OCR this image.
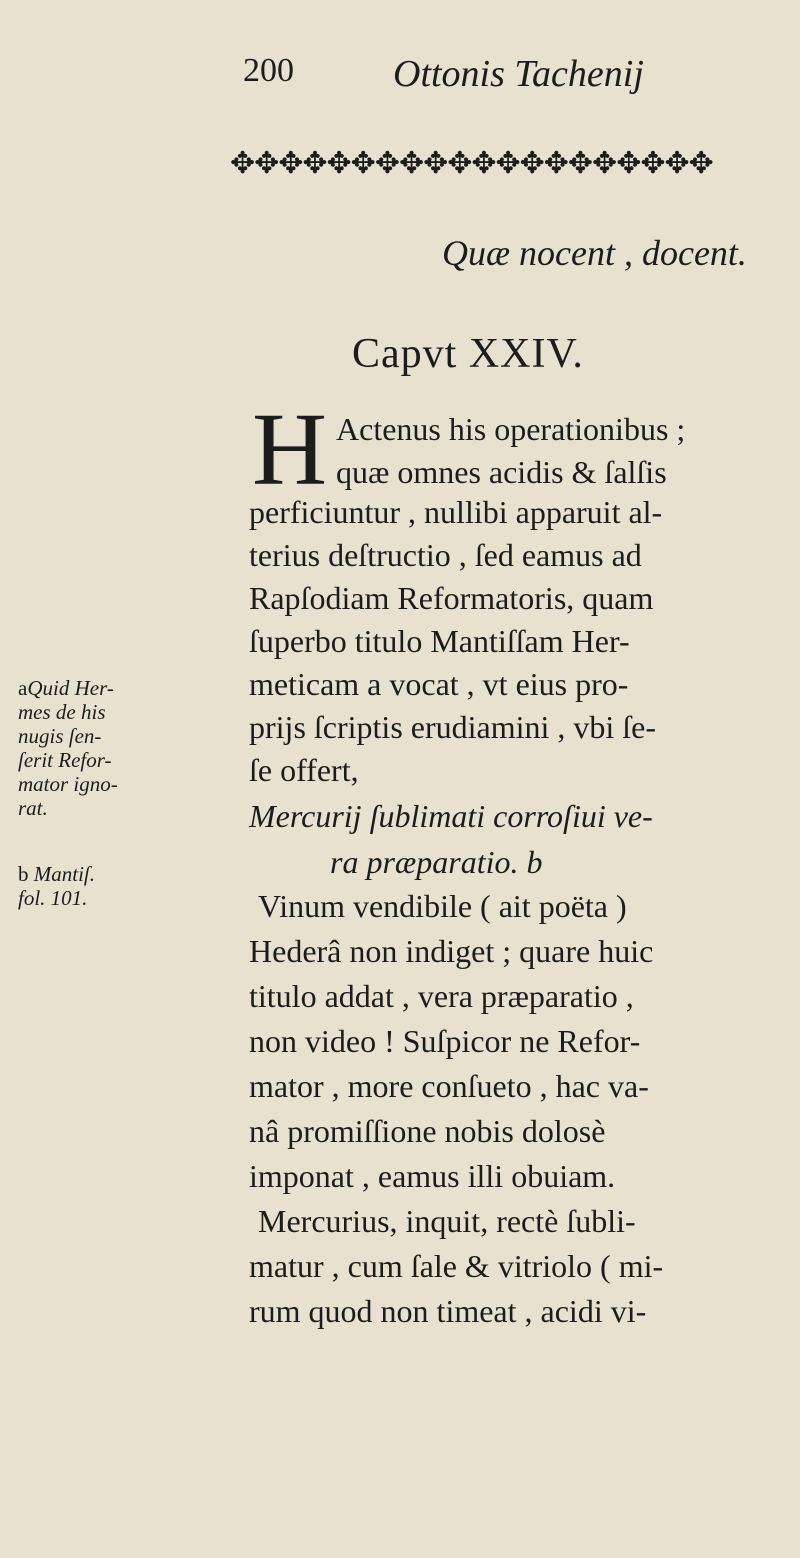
200	Ottonis Tachenij
✥✥✥✥✥✥✥✥✥✥✥✥✥✥✥✥✥✥✥✥
Quæ nocent , docent.
Capvt XXIV.
H Actenus his operationibus ;
quæ omnes acidis & ſalſis
perficiuntur , nullibi apparuit al-
terius deſtructio , ſed eamus ad
Rapſodiam Reformatoris, quam
ſuperbo titulo Mantiſſam Her-
meticam a vocat , vt eius pro-
prijs ſcriptis erudiamini , vbi ſe-
ſe offert,
Mercurij ſublimati corroſiui ve-
ra præparatio. b
Vinum vendibile ( ait poëta )
Hederâ non indiget ; quare huic
titulo addat , vera præparatio ,
non video ! Suſpicor ne Refor-
mator , more conſueto , hac va-
nâ promiſſione nobis dolosè
imponat , eamus illi obuiam.
Mercurius, inquit, rectè ſubli-
matur , cum ſale & vitriolo ( mi-
rum quod non timeat , acidi vi-
aQuid Her-
mes de his
nugis ſen-
ſerit Refor-
mator igno-
rat.
b Mantiſ.
fol. 101.
